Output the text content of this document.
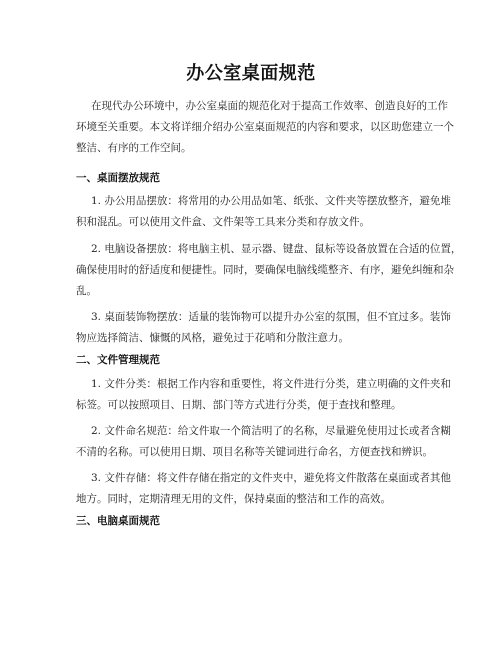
办公室桌面规范
在现代办公环境中，办公室桌面的规范化对于提高工作效率、创造良好的工作
环境至关重要。本文将详细介绍办公室桌面规范的内容和要求，以区助您建立一个
整洁、有序的工作空间。
一、桌面摆放规范
1. 办公用品摆放：将常用的办公用品如笔、纸张、文件夹等摆放整齐，避免堆
积和混乱。可以使用文件盒、文件架等工具来分类和存放文件。
2. 电脑设备摆放：将电脑主机、显示器、键盘、鼠标等设备放置在合适的位置，
确保使用时的舒适度和便捷性。同时，要确保电脑线缆整齐、有序，避免纠缠和杂
乱。
3. 桌面装饰物摆放：适量的装饰物可以提升办公室的氛围，但不宜过多。装饰
物应选择简洁、慷慨的风格，避免过于花哨和分散注意力。
二、文件管理规范
1. 文件分类：根据工作内容和重要性，将文件进行分类，建立明确的文件夹和
标签。可以按照项目、日期、部门等方式进行分类，便于查找和整理。
2. 文件命名规范：给文件取一个简洁明了的名称，尽量避免使用过长或者含糊
不清的名称。可以使用日期、项目名称等关键词进行命名，方便查找和辨识。
3. 文件存储：将文件存储在指定的文件夹中，避免将文件散落在桌面或者其他
地方。同时，定期清理无用的文件，保持桌面的整洁和工作的高效。
三、电脑桌面规范
